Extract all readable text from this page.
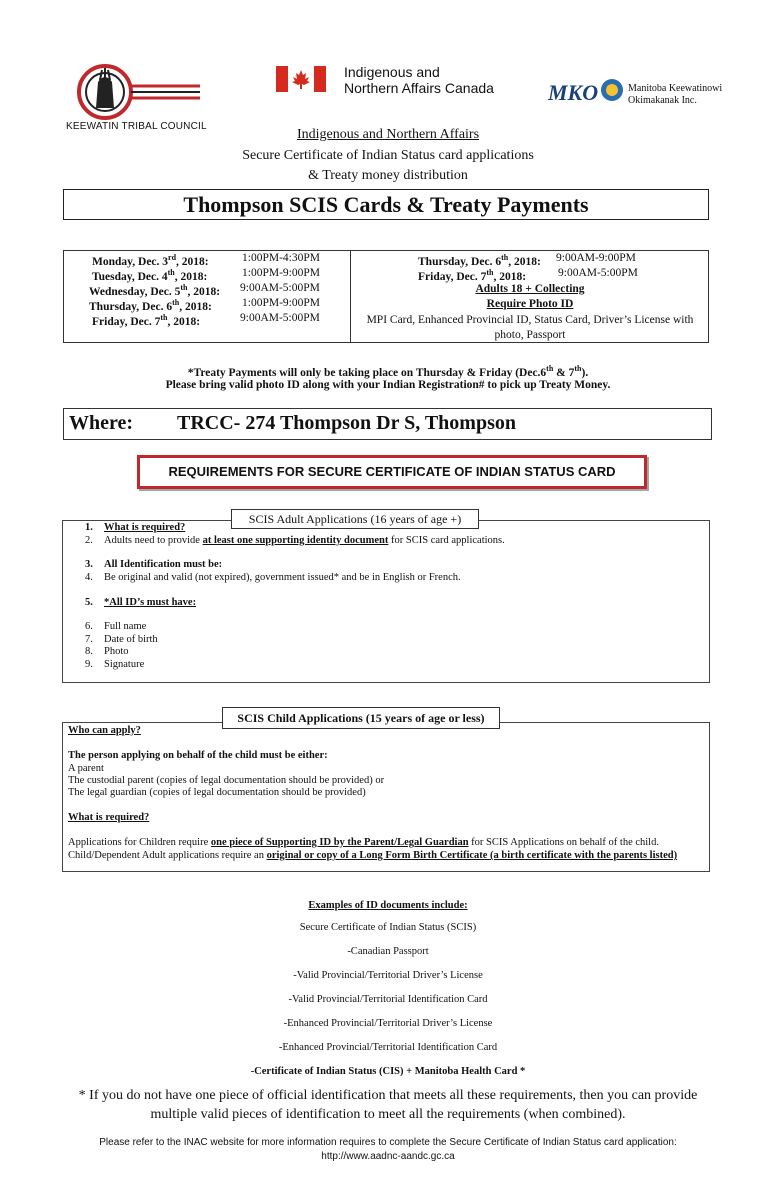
KEEWATIN TRIBAL COUNCIL
Indigenous and
Northern Affairs Canada MKO	Manitoba Keewatinowi
Okimakanak Inc.
Indigenous and Northern Affairs
Secure Certificate of Indian Status card applications
& Treaty money distribution
Thompson SCIS Cards & Treaty Payments
Monday, Dec. 3rd, 2018:	1:00PM-4:30PM
Tuesday, Dec. 4th, 2018:	1:00PM-9:00PM
Wednesday, Dec. 5th, 2018: 9:00AM-5:00PM
Thursday, Dec. 6th, 2018:	1:00PM-9:00PM
Friday, Dec. 7th, 2018:	9:00AM-5:00PM
Thursday, Dec. 6th, 2018: 9:00AM-9:00PM
Friday, Dec. 7th, 2018:	9:00AM-5:00PM
Adults 18 + Collecting
Require Photo ID
MPI Card, Enhanced Provincial ID, Status Card, Driver’s License with
photo, Passport
*Treaty Payments will only be taking place on Thursday & Friday (Dec.6th & 7th).
Please bring valid photo ID along with your Indian Registration# to pick up Treaty Money.
Where: TRCC- 274 Thompson Dr S, Thompson
REQUIREMENTS FOR SECURE CERTIFICATE OF INDIAN STATUS CARD
SCIS Adult Applications (16 years of age +)
1. What is required?
2. Adults need to provide at least one supporting identity document for SCIS card applications.
3. All Identification must be:
4. Be original and valid (not expired), government issued* and be in English or French.
5. *All ID’s must have:
6. Full name
7. Date of birth
8. Photo
9. Signature
SCIS Child Applications (15 years of age or less)
Who can apply?
The person applying on behalf of the child must be either:
A parent
The custodial parent (copies of legal documentation should be provided) or
The legal guardian (copies of legal documentation should be provided)
What is required?
Applications for Children require one piece of Supporting ID by the Parent/Legal Guardian for SCIS Applications on behalf of the child.
Child/Dependent Adult applications require an original or copy of a Long Form Birth Certificate (a birth certificate with the parents listed)
Examples of ID documents include:
Secure Certificate of Indian Status (SCIS)
-Canadian Passport
-Valid Provincial/Territorial Driver’s License
-Valid Provincial/Territorial Identification Card
-Enhanced Provincial/Territorial Driver’s License
-Enhanced Provincial/Territorial Identification Card
-Certificate of Indian Status (CIS) + Manitoba Health Card *
* If you do not have one piece of official identification that meets all these requirements, then you can provide
multiple valid pieces of identification to meet all the requirements (when combined).
Please refer to the INAC website for more information requires to complete the Secure Certificate of Indian Status card application:
http://www.aadnc-aandc.gc.ca
